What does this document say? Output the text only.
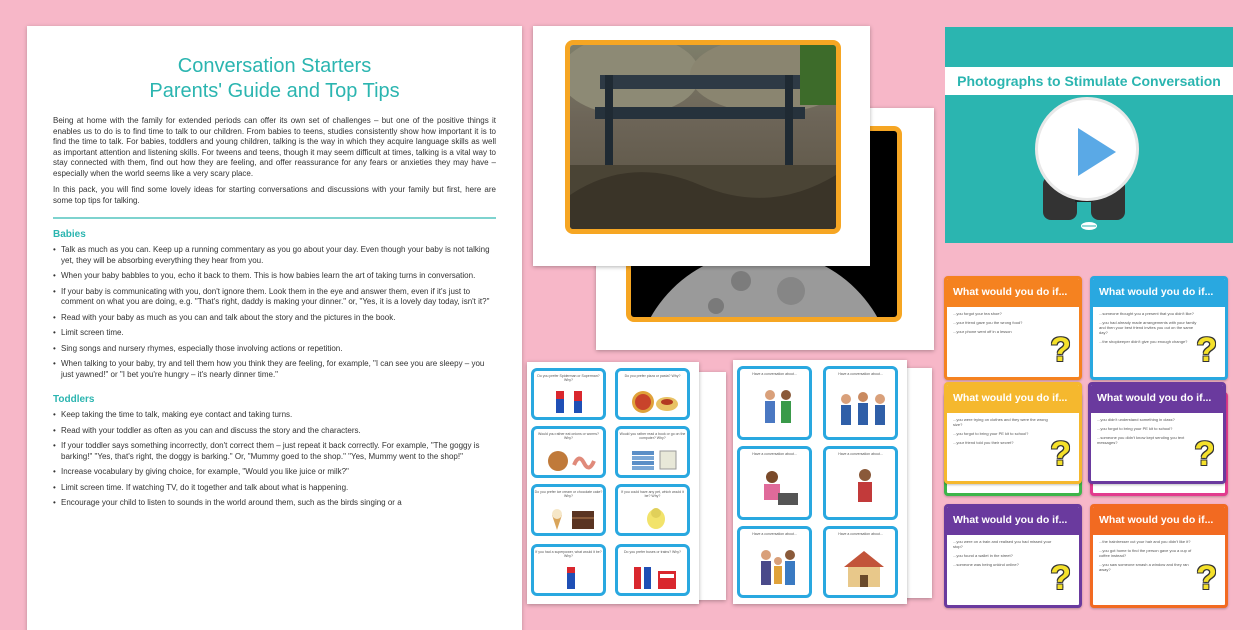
Conversation Starters
Parents' Guide and Top Tips

Being at home with the family for extended periods can offer its own set of challenges – but one of the positive things it enables us to do is to find time to talk to our children. From babies to teens, studies consistently show how important it is to find the time to talk. For babies, toddlers and young children, talking is the way in which they acquire language skills as well as important attention and listening skills. For tweens and teens, though it may seem difficult at times, talking is a vital way to stay connected with them, find out how they are feeling, and offer reassurance for any fears or anxieties they may have – especially when the world seems like a very scary place.

In this pack, you will find some lovely ideas for starting conversations and discussions with your family but first, here are some top tips for talking.

Babies
• Talk as much as you can. Keep up a running commentary as you go about your day. Even though your baby is not talking yet, they will be absorbing everything they hear from you.
• When your baby babbles to you, echo it back to them. This is how babies learn the art of taking turns in conversation.
• If your baby is communicating with you, don't ignore them. Look them in the eye and answer them, even if it's just to comment on what you are doing, e.g. "That's right, daddy is making your dinner." or, "Yes, it is a lovely day today, isn't it?"
• Read with your baby as much as you can and talk about the story and the pictures in the book.
• Limit screen time.
• Sing songs and nursery rhymes, especially those involving actions or repetition.
• When talking to your baby, try and tell them how you think they are feeling, for example, "I can see you are sleepy – you just yawned!" or "I bet you're hungry – it's nearly dinner time."
Toddlers
• Keep taking the time to talk, making eye contact and taking turns.
• Read with your toddler as often as you can and discuss the story and the characters.
• If your toddler says something incorrectly, don't correct them – just repeat it back correctly. For example, "The goggy is barking!" "Yes, that's right, the doggy is barking." Or, "Mummy goed to the shop." "Yes, Mummy went to the shop!"
• Increase vocabulary by giving choice, for example, "Would you like juice or milk?"
• Limit screen time. If watching TV, do it together and talk about what is happening.
• Encourage your child to listen to sounds in the world around them, such as the birds singing or a
Photographs to Stimulate Conversation
What would you do if...
...you forgot your tea shoe?
...your friend gave you the wrong food?
...your phone went off in a lesson	?
What would you do if...
...someone thought you a present that you didn't like?
...you had already made arrangements with your family and then your best friend invites you out on the same day?
...the shopkeeper didn't give you enough change? ?
What would you do if...
...you were trying on clothes and they were the wrong size?
...you forgot to bring your PE kit to school?
...your friend told you their secret?	?
What would you do if...
...you didn't understand something in class?
...you forgot to bring your PE kit to school?
...someone you didn't know kept sending you text messages?	?
What would you do if...
...you were on a train and realised you had missed your stop?
...you found a wallet in the street?
...someone was being unkind online? ?
What would you do if...
...the hairdresser cut your hair and you didn't like it?
...you got home to find the person gave you a cup of coffee instead?
...you saw someone smash a window and they ran away?	?
Do you prefer Spiderman or Superman? Why?
Do you prefer pizza or pasta? Why?
Would you rather eat onions or worms? Why?
Would you rather read a book or go on the computer? Why?
Do you prefer ice cream or chocolate cake? Why?
If you could have any pet, which would it be? Why?
If you had a superpower, what would it be? Why?
Do you prefer buses or trains? Why?
Have a conversation about...	Have a conversation about...
Have a conversation about...	Have a conversation about...
Have a conversation about...	Have a conversation about...
